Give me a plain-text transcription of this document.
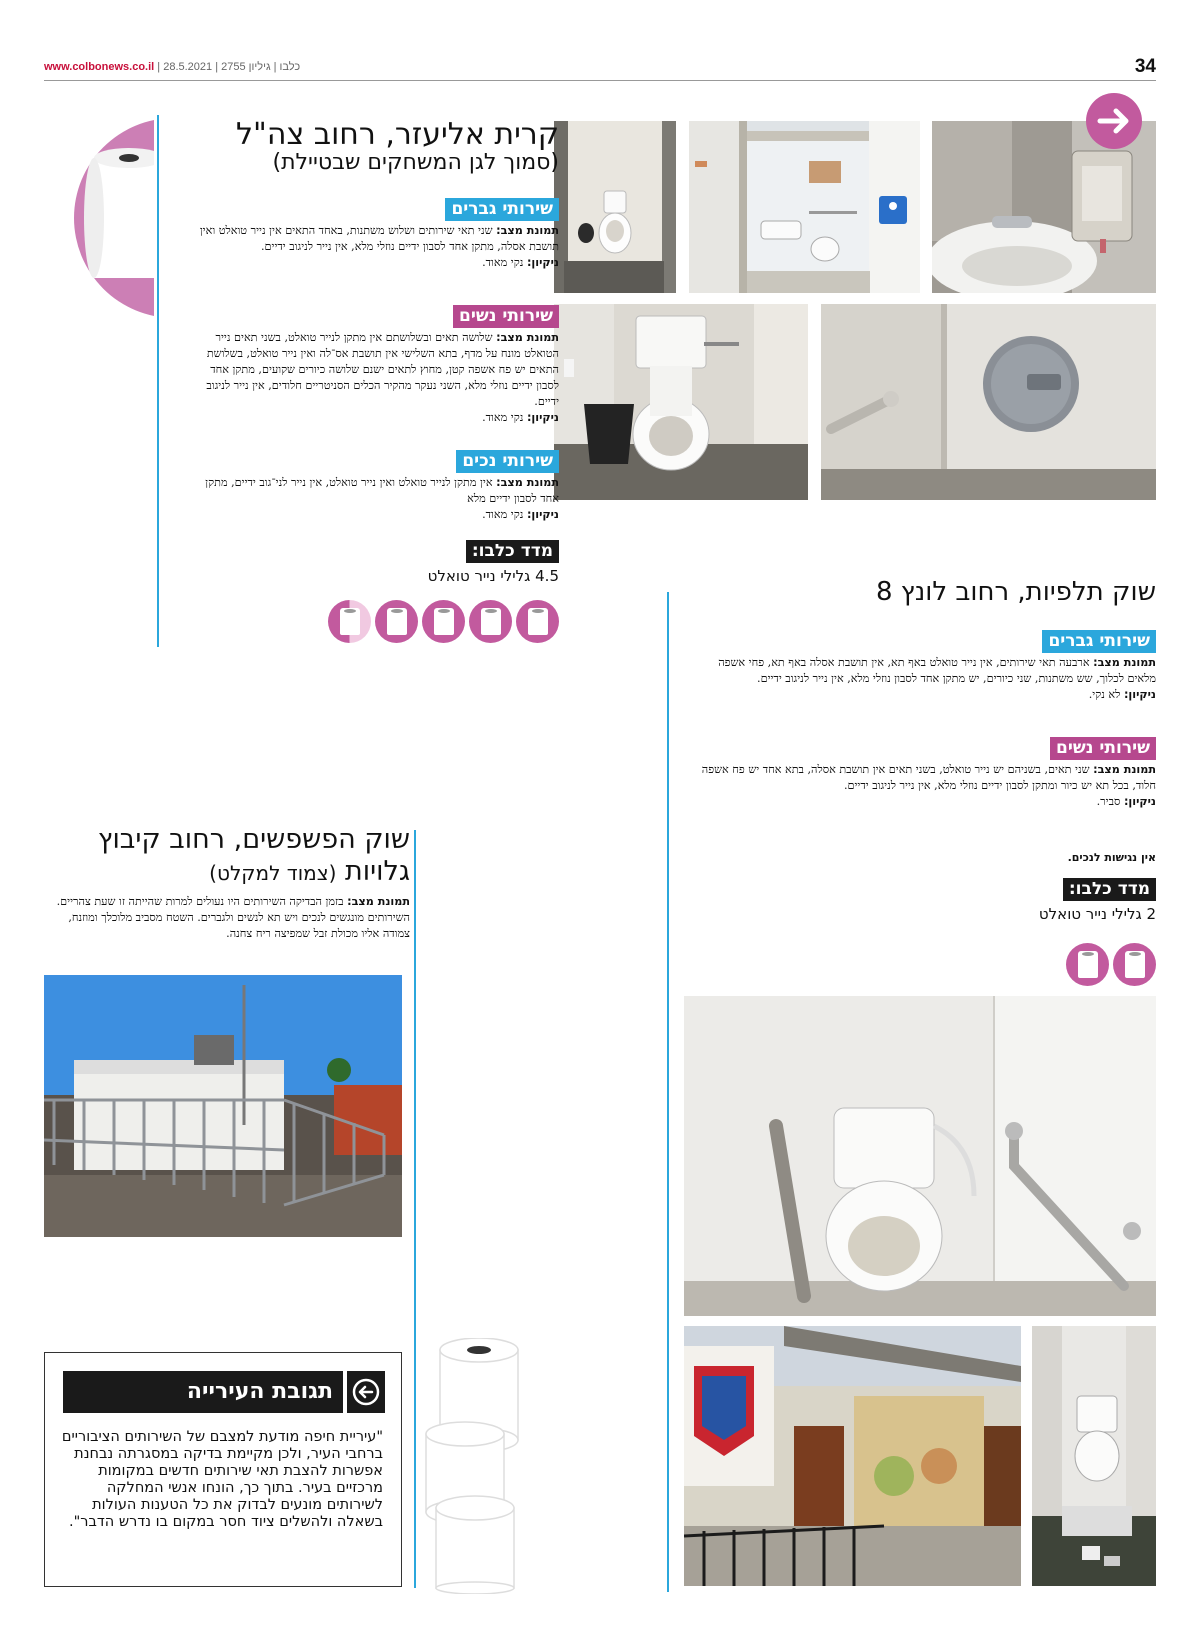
www.colbonews.co.il | כלבו | גיליון 2755 | 28.5.2021	34
קרית אליעזר, רחוב צה"ל
(סמוך לגן המשחקים שבטיילת)
שירותי גברים
תמונת מצב: שני תאי שירותים ושלוש משתנות, באחד התאים אין נייר טואלט ואין תושבת אסלה, מתקן אחד לסבון ידיים נוזלי מלא, אין נייר לניגוב ידיים.
ניקיון: נקי מאוד.
שירותי נשים
תמונת מצב: שלושה תאים ובשלושתם אין מתקן לנייר טואלט, בשני תאים נייר הטואלט מונח על מדף, בתא השלישי אין תושבת אס־לה ואין נייר טואלט, בשלושת התאים יש פח אשפה קטן, מחוץ לתאים ישנם שלושה כיורים שקועים, מתקן אחד לסבון ידיים נוזלי מלא, השני נעקר מהקיר הכלים הסניטריים חלודים, אין נייר לניגוב ידיים.
ניקיון: נקי מאוד.
שירותי נכים
תמונת מצב: אין מתקן לנייר טואלט ואין נייר טואלט, אין נייר לני־גוב ידיים, מתקן אחד לסבון ידיים מלא
ניקיון: נקי מאוד.
מדד כלבו:
4.5 גלילי נייר טואלט
שוק תלפיות, רחוב לונץ 8
שירותי גברים
תמונת מצב: ארבעה תאי שירותים, אין נייר טואלט באף תא, אין תושבת אסלה באף תא, פחי אשפה מלאים לכלוך, שש משתנות, שני כיורים, יש מתקן אחד לסבון נוזלי מלא, אין נייר לניגוב ידיים.
ניקיון: לא נקי.
שירותי נשים
תמונת מצב: שני תאים, בשניהם יש נייר טואלט, בשני תאים אין תושבת אסלה, בתא אחד יש פח אשפה חלוד, בכל תא יש כיור ומתקן לסבון ידיים נוזלי מלא, אין נייר לניגוב ידיים.
ניקיון: סביר.
אין נגישות לנכים.
מדד כלבו:
2 גלילי נייר טואלט
שוק הפשפשים, רחוב קיבוץ
גלויות (צמוד למקלט)
תמונת מצב: בזמן הבדיקה השירותים היו נעולים למרות שהייתה זו שעת צהריים. השירותים מונגשים לנכים ויש תא לנשים ולגברים. השטח מסביב מלוכלך ומוזנח, צמודה אליו מכולת זבל שמפיצה ריח צחנה.
תגובת העירייה
"עיריית חיפה מודעת למצבם של השירותים הציבוריים ברחבי העיר, ולכן מקיימת בדיקה במסגרתה נבחנת אפשרות להצבת תאי שירותים חדשים במקומות מרכזיים בעיר. בתוך כך, הונחו אנשי המחלקה לשירותים מונעים לבדוק את כל הטענות העולות בשאלה ולהשלים ציוד חסר במקום בו נדרש הדבר".
